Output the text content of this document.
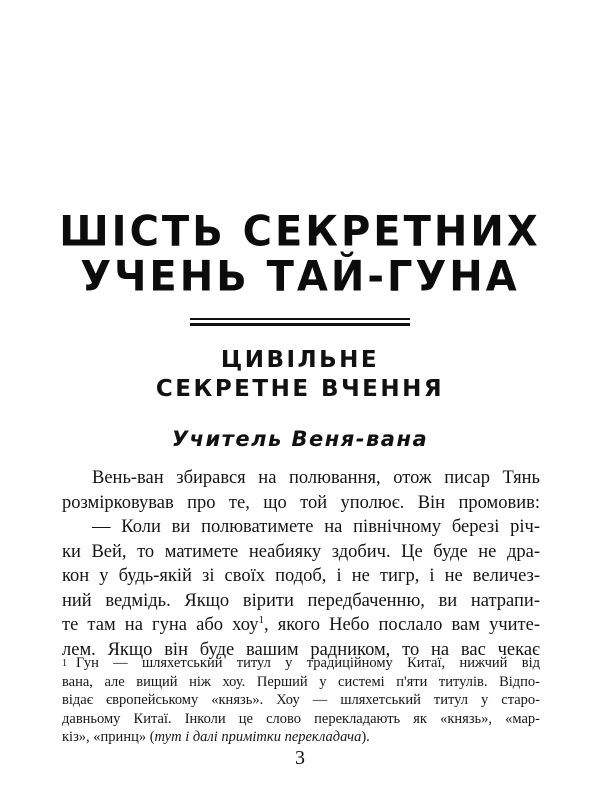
ШІСТЬ СЕКРЕТНИХ
УЧЕНЬ ТАЙ-ГУНА
ЦИВІЛЬНЕ
СЕКРЕТНЕ ВЧЕННЯ
Учитель Веня-вана
Вень-ван збирався на полювання, отож писар Тянь
розмірковував про те, що той уполює. Він промовив:
— Коли ви полюватимете на північному березі річ-
ки Вей, то матимете неабияку здобич. Це буде не дра-
кон у будь-якій зі своїх подоб, і не тигр, і не величез-
ний ведмідь. Якщо вірити передбаченню, ви натрапи-
те там на гуна або хоу$^1$, якого Небо послало вам учите-
лем. Якщо він буде вашим радником, то на вас чекає
1 Гун — шляхетський титул у традиційному Китаї, нижчий від
вана, але вищий ніж хоу. Перший у системі п'яти титулів. Відпо-
відає європейському «князь». Хоу — шляхетський титул у старо-
давньому Китаї. Інколи це слово перекладають як «князь», «мар-
кіз», «принц» (тут і далі примітки перекладача).
3
